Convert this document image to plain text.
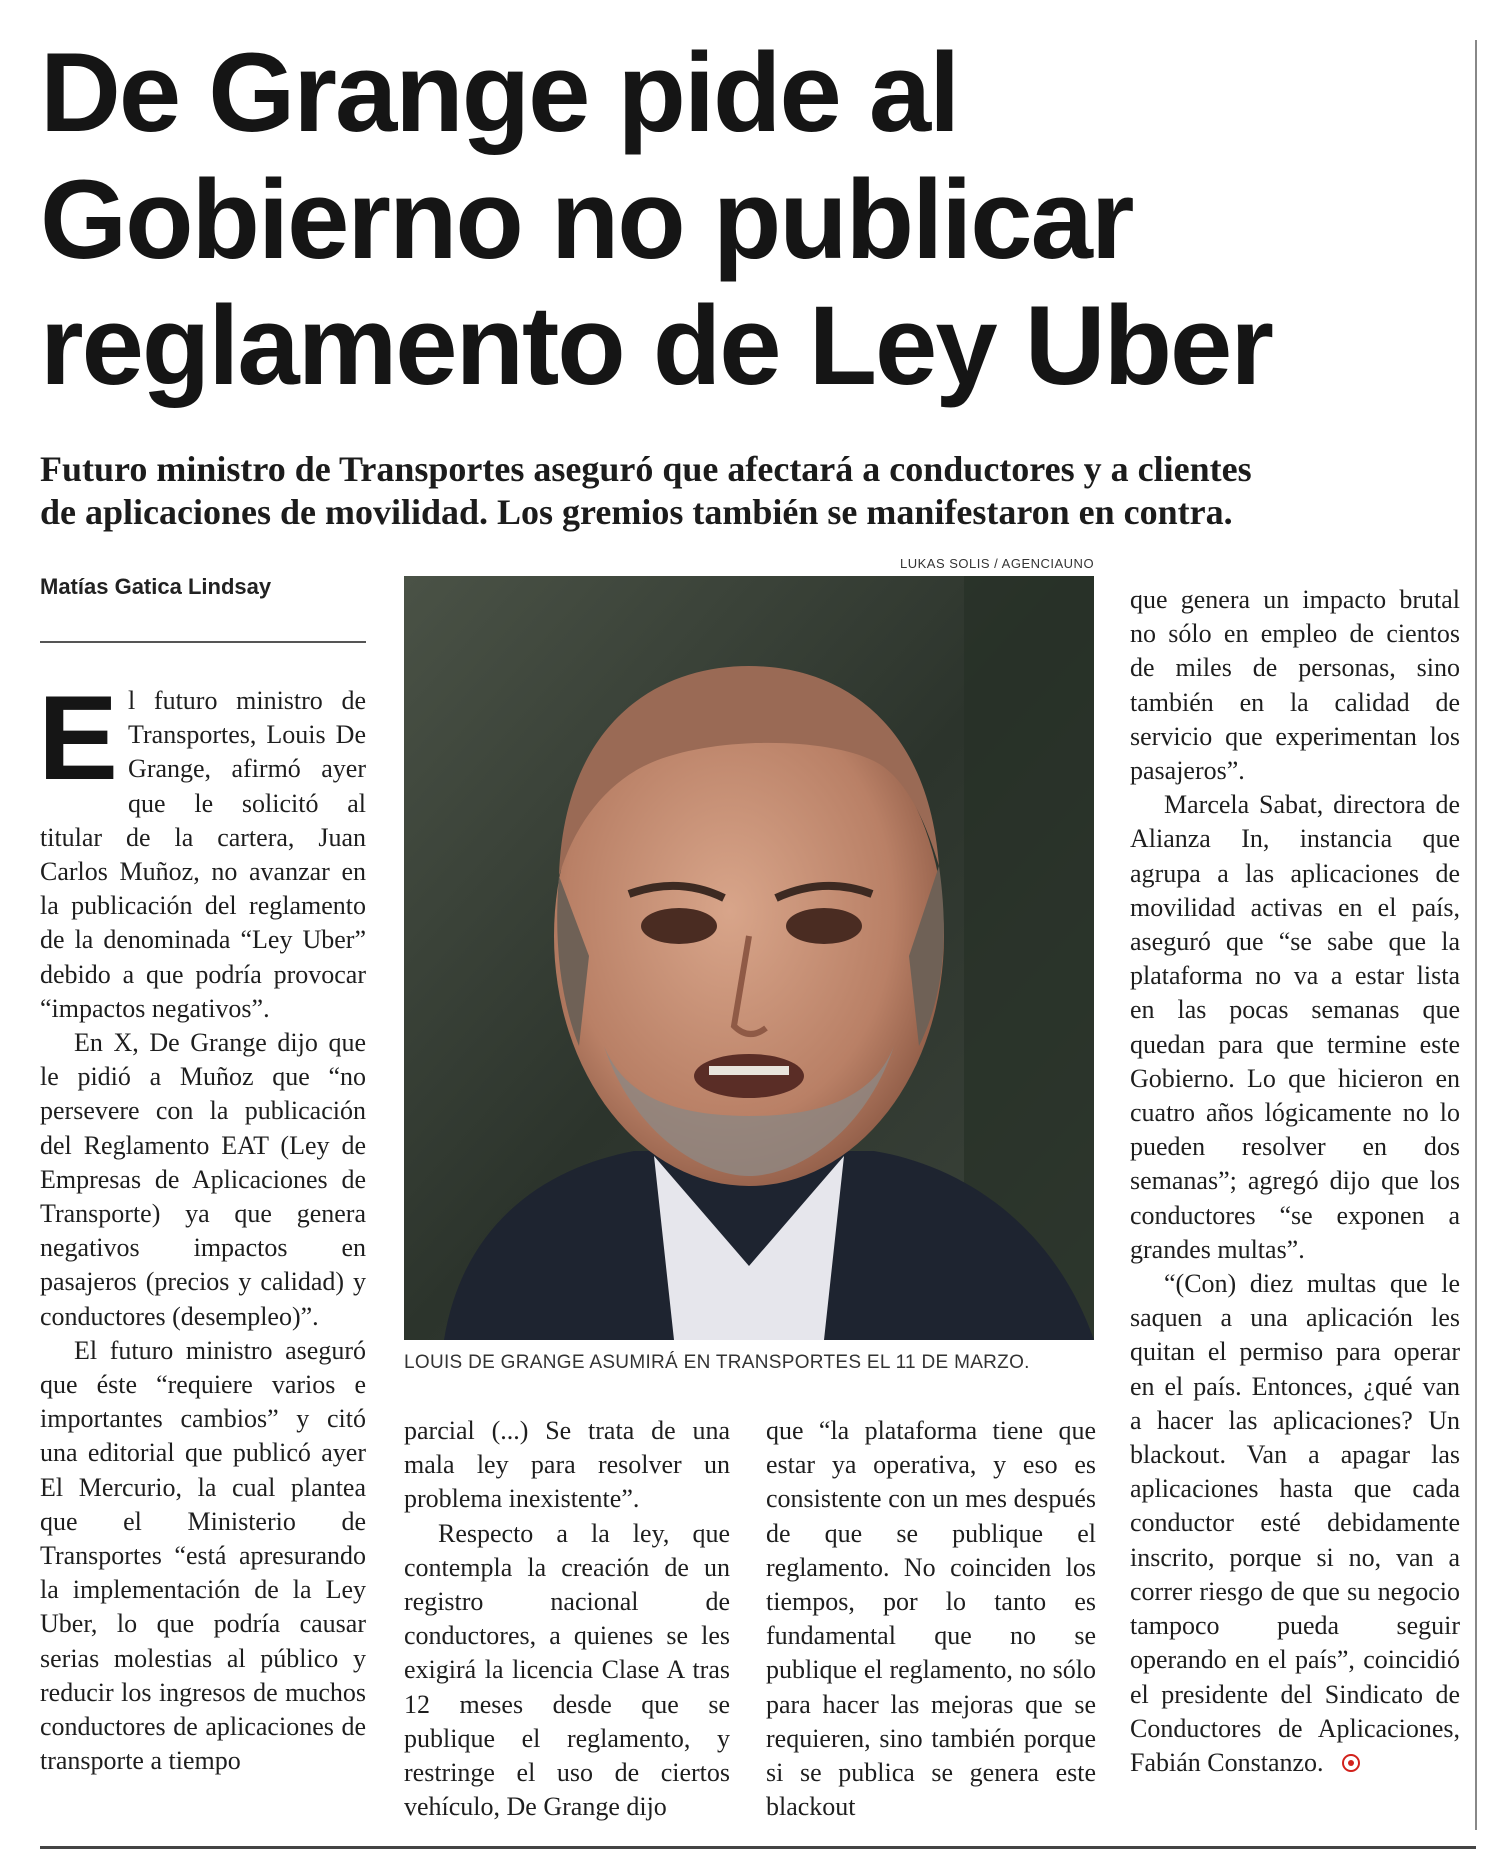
De Grange pide al
Gobierno no publicar
reglamento de Ley Uber
Futuro ministro de Transportes aseguró que afectará a conductores y a clientes
de aplicaciones de movilidad. Los gremios también se manifestaron en contra.
LUKAS SOLIS / AGENCIAUNO
Matías Gatica Lindsay
LOUIS DE GRANGE ASUMIRÁ EN TRANSPORTES EL 11 DE MARZO.
E l futuro ministro de Transportes, Louis De Grange, afirmó ayer que le solicitó al titular de la cartera, Juan Carlos Muñoz, no avanzar en la publicación del reglamento de la denominada “Ley Uber” debido a que podría provocar “impactos negativos”.

En X, De Grange dijo que le pidió a Muñoz que “no persevere con la publicación del Reglamento EAT (Ley de Empresas de Aplicaciones de Transporte) ya que genera negativos impactos en pasajeros (precios y calidad) y conductores (desempleo)”.

El futuro ministro aseguró que éste “requiere varios e importantes cambios” y citó una editorial que publicó ayer El Mercurio, la cual plantea que el Ministerio de Transportes “está apresurando la implementación de la Ley Uber, lo que podría causar serias molestias al público y reducir los ingresos de muchos conductores de aplicaciones de transporte a tiempo

parcial (...) Se trata de una mala ley para resolver un problema inexistente”.

Respecto a la ley, que contempla la creación de un registro nacional de conductores, a quienes se les exigirá la licencia Clase A tras 12 meses desde que se publique el reglamento, y restringe el uso de ciertos vehículo, De Grange dijo

que “la plataforma tiene que estar ya operativa, y eso es consistente con un mes después de que se publique el reglamento. No coinciden los tiempos, por lo tanto es fundamental que no se publique el reglamento, no sólo para hacer las mejoras que se requieren, sino también porque si se publica se genera este blackout

que genera un impacto brutal no sólo en empleo de cientos de miles de personas, sino también en la calidad de servicio que experimentan los pasajeros”.

Marcela Sabat, directora de Alianza In, instancia que agrupa a las aplicaciones de movilidad activas en el país, aseguró que “se sabe que la plataforma no va a estar lista en las pocas semanas que quedan para que termine este Gobierno. Lo que hicieron en cuatro años lógicamente no lo pueden resolver en dos semanas”; agregó dijo que los conductores “se exponen a grandes multas”.

“(Con) diez multas que le saquen a una aplicación les quitan el permiso para operar en el país. Entonces, ¿qué van a hacer las aplicaciones? Un blackout. Van a apagar las aplicaciones hasta que cada conductor esté debidamente inscrito, porque si no, van a correr riesgo de que su negocio tampoco pueda seguir operando en el país”, coincidió el presidente del Sindicato de Conductores de Aplicaciones, Fabián Constanzo.
